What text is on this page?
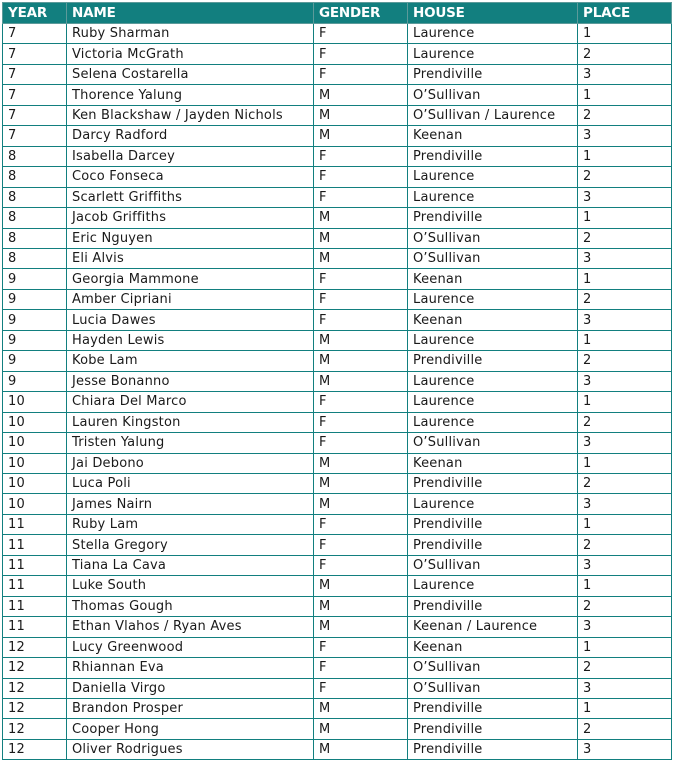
YEAR	NAME	GENDER	HOUSE	PLACE
7	Ruby Sharman	F	Laurence	1
7	Victoria McGrath	F	Laurence	2
7	Selena Costarella	F	Prendiville	3
7	Thorence Yalung	M	O’Sullivan	1
7	Ken Blackshaw / Jayden Nichols	M	O’Sullivan / Laurence	2
7	Darcy Radford	M	Keenan	3
8	Isabella Darcey	F	Prendiville	1
8	Coco Fonseca	F	Laurence	2
8	Scarlett Griffiths	F	Laurence	3
8	Jacob Griffiths	M	Prendiville	1
8	Eric Nguyen	M	O’Sullivan	2
8	Eli Alvis	M	O’Sullivan	3
9	Georgia Mammone	F	Keenan	1
9	Amber Cipriani	F	Laurence	2
9	Lucia Dawes	F	Keenan	3
9	Hayden Lewis	M	Laurence	1
9	Kobe Lam	M	Prendiville	2
9	Jesse Bonanno	M	Laurence	3
10	Chiara Del Marco	F	Laurence	1
10	Lauren Kingston	F	Laurence	2
10	Tristen Yalung	F	O’Sullivan	3
10	Jai Debono	M	Keenan	1
10	Luca Poli	M	Prendiville	2
10	James Nairn	M	Laurence	3
11	Ruby Lam	F	Prendiville	1
11	Stella Gregory	F	Prendiville	2
11	Tiana La Cava	F	O’Sullivan	3
11	Luke South	M	Laurence	1
11	Thomas Gough	M	Prendiville	2
11	Ethan Vlahos / Ryan Aves	M	Keenan / Laurence	3
12	Lucy Greenwood	F	Keenan	1
12	Rhiannan Eva	F	O’Sullivan	2
12	Daniella Virgo	F	O’Sullivan	3
12	Brandon Prosper	M	Prendiville	1
12	Cooper Hong	M	Prendiville	2
12	Oliver Rodrigues	M	Prendiville	3
